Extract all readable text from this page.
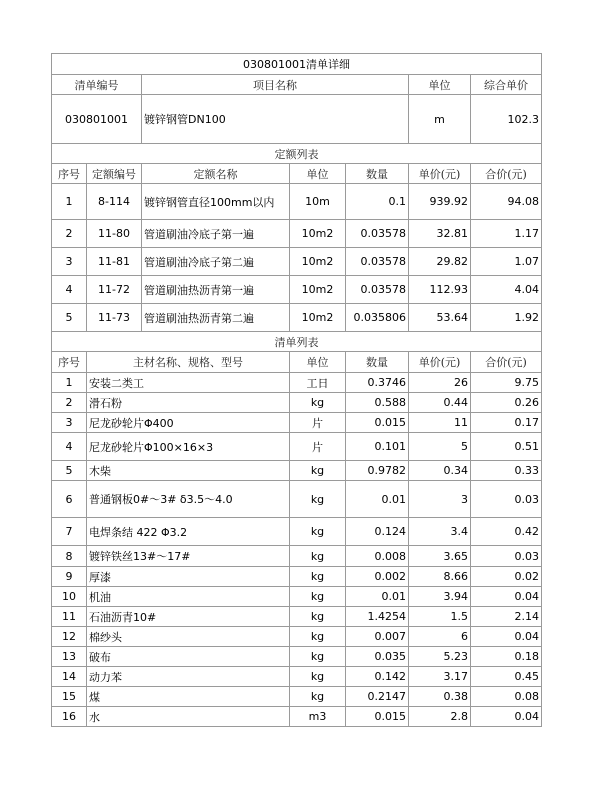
030801001清单详细						
清单编号		项目名称			单位	综合单价
030801001		镀锌钢管DN100			m	102.3
定额列表						
序号	定额编号	定额名称	单位	数量	单价(元)	合价(元)
1	8-114	镀锌钢管直径100mm以内	10m	0.1	939.92	94.08
2	11-80	管道刷油冷底子第一遍	10m2	0.03578	32.81	1.17
3	11-81	管道刷油冷底子第二遍	10m2	0.03578	29.82	1.07
4	11-72	管道刷油热沥青第一遍	10m2	0.03578	112.93	4.04
5	11-73	管道刷油热沥青第二遍	10m2	0.035806	53.64	1.92
清单列表						
序号	主材名称、规格、型号		单位	数量	单价(元)	合价(元)
1	安装二类工		工日	0.3746	26	9.75
2	滑石粉		kg	0.588	0.44	0.26
3	尼龙砂轮片Φ400		片	0.015	11	0.17
4	尼龙砂轮片Φ100×16×3		片	0.101	5	0.51
5	木柴		kg	0.9782	0.34	0.33
6	普通钢板0#～3# δ3.5～4.0		kg	0.01	3	0.03
7	电焊条结 422 Φ3.2		kg	0.124	3.4	0.42
8	镀锌铁丝13#～17#		kg	0.008	3.65	0.03
9	厚漆		kg	0.002	8.66	0.02
10	机油		kg	0.01	3.94	0.04
11	石油沥青10#		kg	1.4254	1.5	2.14
12	棉纱头		kg	0.007	6	0.04
13	破布		kg	0.035	5.23	0.18
14	动力苯		kg	0.142	3.17	0.45
15	煤		kg	0.2147	0.38	0.08
16	水		m3	0.015	2.8	0.04
